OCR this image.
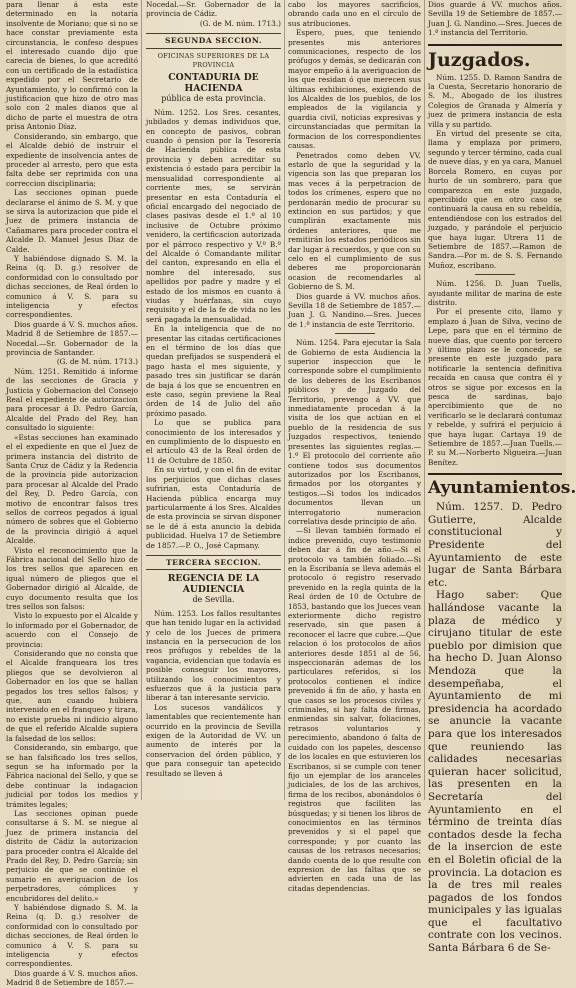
para llenar á esta este determinado en la notaría insolvente de Moriano; que si no se hace constar previamente esta circunstancia, le confeso despues el interesado cuando dijo que carecia de bienes, lo que acreditó con un certificado de la estadística expedido por el Secretario de Ayuntamiento, y lo confirmó con la justificacion que hizo de otro mas solo con 2 males dianos que al dicho de parte el muestra de otra prisa Antonio Díaz.

Considerando, sin embargo, que el Alcalde debió de instruir el expediente de insolvencia antes de proceder al arresto, pero que esta falta debe ser reprimida con una correccion disciplinaria;

Las secciones opinan puede declararse el ánimo de S. M. y que se sirva la autorizacion que pide el Juez de primera instancia de Cañamares para proceder contra el Alcalde D. Manuel Jesus Diaz de Calde.

Y habiéndose dignado S. M. la Reina (q. D. g.) resolver de conformidad con lo consultado por dichas secciones, de Real órden lo comunico á V. S. para su inteligencia y efectos correspondientes.

Dios guarde á V. S. muchos años. Madrid 8 de Setiembre de 1857.—Nocedal.—Sr. Gobernador de la provincia de Santander.

(G. de M. núm. 1713.)

Núm. 1251. Remitido á informe de las secciones de Gracia y Justicia y Gobernacion del Consejo Real el expediente de autorizacion para procesar á D. Pedro García, Alcalde del Prado del Rey, han consultado lo siguiente:

«Estas secciones han examinado el el expediente en que el Juez de primera instancia del distrito de Santa Cruz de Cádiz y la Redencia de la provincia pide autorizacion para procesar al Alcalde del Prado del Rey, D. Pedro García, con motivo de encontrar falsos tres sellos de correos pegados á igual número de sobres que el Gobierno de la provincia dirigió á aquel Alcalde.

Visto el reconocimiento que la Fábrica nacional del Sello hizo de los tres sellos que aparecen en igual número de pliegos que el Gobernador dirigió al Alcalde, de cuyo documento resulta que los tres sellos son falsos:

Visto lo expuesto por el Alcalde y lo informado por el Gobernador, de acuerdo con el Consejo de provincia:

Considerando que no consta que el Alcalde franqueara los tres pliegos que se devolvieron al Gobernador en los que se hallan pegados los tres sellos falsos; y que, aun cuando hubiera intervenido en el franqueo y tirara, no existe prueba ni indicio alguno de que el referido Alcalde supiera la falsedad de los sellos:

Considerando, sin embargo, que se han falsificado los tres sellos, segun se ha informado por la Fábrica nacional del Sello, y que se debe continuar la indagacion judicial por todos los medios y trámites legales;

Las secciones opinan puede consultarse á S. M. se niegue al Juez de primera instancia del distrito de Cádiz la autorizacion para proceder contra el Alcalde del Prado del Rey, D. Pedro García; sin perjuicio de que se continúe el sumario en averiguacion de los perpetradores, cómplices y encubridores del delito.»

Y habiéndose dignado S. M. la Reina (q. D. g.) resolver de conformidad con lo consultado por dichas secciones, de Real órden lo comunico á V. S. para su inteligencia y efectos correspondientes.

Dios guarde á V. S. muchos años. Madrid 8 de Setiembre de 1857.—

Nocedal.—Sr. Gobernador de la provincia de Cádiz.

(G. de M. núm. 1713.)

SEGUNDA SECCION.
OFICINAS SUPERIORES DE LA PROVINCIA
CONTADURIA DE HACIENDA
pública de esta provincia.

Núm. 1252. Los Sres. cesantes, jubilados y demas individuos que, en concepto de pasivos, cobran cuando ó pension por la Tesorería de Hacienda pública de esta provincia y deben acreditar su existencia ó estado para percibir la mensualidad correspondiente al corriente mes, se servirán presentar en esta Contaduría el oficial encargado del negociado de clases pasivas desde el 1.º al 10 inclusive de Octubre próximo venidero, la certificacion autorizada por el párroco respectivo y V.º B.º del Alcalde ó Comandante militar del canton, expresando en ella el nombre del interesado, sus apellidos por padre y madre y el estado de los mismos en cuanto á viudas y huérfanas, sin cuyo requisito y el de la fe de vida no les será pagada la mensualidad.

En la inteligencia que de no presentar las citadas certificaciones en el término de los días que quedan prefijados se suspenderá el pago hasta el mes siguiente, y pasado tres sin justificar se darán de baja á los que se encuentren en este caso, según previene la Real órden de 14 de Julio del año próximo pasado.

Lo que se publica para conocimiento de los interesados y en cumplimiento de lo dispuesto en el artículo 43 de la Real órden de 11 de Octubre de 1850.

En su virtud, y con el fin de evitar los perjuicios que dichas clases sufririan, esta Contaduría de Hacienda pública encarga muy particularmente á los Sres. Alcaldes de esta provincia se sirvan disponer se le dé á esta anuncio la debida publicidad. Huelva 17 de Setiembre de 1857.—P. O., José Capmany.

TERCERA SECCION.
REGENCIA DE LA AUDIENCIA
de Sevilla.

Núm. 1253. Los fallos resultantes que han tenido lugar en la actividad y celo de los Jueces de primera instancia en la persecucion de los reos prófugos y rebeldes de la vagancia, evidencian que todavía es posible conseguir los mayores, utilizando los conocimientos y esfuerzos que á la justicia para liberar á tan interesante servicio.

Los sucesos vandálicos y lamentables que recientemente han ocurrido en la provincia de Sevilla exigen de la Autoridad de VV. un aumento de interés por la conservacion del órden público, y que para conseguir tan apetecido resultado se lleven á

cabo los mayores sacrificios, obrando cada uno en el círculo de sus atribuciones.

Espero, pues, que teniendo presentes mis anteriores comunicaciones, respecto de los prófugos y demás, se dedicarán con mayor empeño á la averiguacion de los que residan ó que merecen sus últimas exhibiciones, exigiendo de los Alcaldes de los pueblos, de los empleados de la vigilancia y guardia civil, noticias expresivas y circunstanciadas que permitan la formacion de los correspondientes causas.

Penetrados como deben VV. estarlo de que la seguridad y la vigencia son las que preparan los mas veces á la perpetracion de todos los crímenes, espero que no perdonarán medio de procurar su extincion en sus partidos; y que cumplirán exactamente mis órdenes anteriores, que me remitirán los estados periódicos sin dar lugar á recuerdos, y que con su celo en el cumplimiento de sus deberes me proporcionarán ocasion de recomendarles al Gobierno de S. M.

Dios guarde á VV. muchos años. Sevilla 18 de Setiembre de 1857.—Juan J. G. Nandino.—Sres. Jueces de 1.ª instancia de este Territorio.

Núm. 1254. Para ejecutar la Sala de Gobierno de esta Audiencia la superior inspeccion que le corresponde sobre el cumplimiento de los deberes de los Escribanos públicos y de Juzgado del Territorio, prevengo á VV. que inmediatamente procedan á la visita de los que actúan en el pueblo de la residencia de sus Juzgados respectivos, teniendo presentes las siguientes reglas.—1.º El protocolo del corriente año contiene todos sus documentos autorizados por los Escribanos, firmados por los otorgantes y testigos.—Si todos los indicados documentos llevan un interrogatorio numeracion correlativa desde principio de año.

—Si llevan también formado el índice prevenido, cuyo testimonio deben dar á fin de año.—Si el protocolo va también foliado.—Si en la Escribanía se lleva además el protocolo ó registro reservado prevenido en la regla quinta de la Real órden de 10 de Octubre de 1853, bastando que los Jueces vean exteriormente dicho registro reservado, sin que pasen á reconocer el lacre que cubre.—Que relacion ó los protocolos de años anteriores desde 1851 al de 56, inspeccionarán ademas de los particulares referidos, si los protocolos contienen el índice prevenido á fin de año, y hasta en que casos se los procesos civiles y criminales, si hay falta de firmas, enmiendas sin salvar, foliaciones, retrasos voluntarios y perecimiento, abandono ó falta de cuidado con los papeles, descenso de los locales en que estuvieren los Escribanos, si se cumple con tener fijo un ejemplar de los aranceles judiciales, de los de las archivos, firma de los recibos, abonándolos ó registros que faciliten las búsquedas; y si tienen los libros de conocimientos en las términos prevenidos y si el papel que corresponde; y por cuanto las causas de los retrasos necesarios; dando cuenta de lo que resulte con expresion de las faltas que se advierten en cada una de las citadas dependencias.

Dios guarde á VV. muchos años. Sevilla 19 de Setiembre de 1857.—Juan J. G. Nandino.—Sres. Jueces de 1.ª instancia del Territorio.

Juzgados.

Núm. 1255. D. Ramon Sandra de la Cuesta, Secretario honorario de S. M., Abogado de los ilustres Colegios de Granada y Almería y juez de primera instancia de esta villa y su partido.

En virtud del presente se cita, llama y emplaza por primero, segundo y tercer término, cada cual de nueve días, y en ya cara, Manuel Borcela Romero, en cuyas por hurto de un sombrero, para que comparezca en este juzgado, apercibido que en otro caso se continuará la causa en su rebeldía, entendiéndose con los estrados del juzgado, y parándole el perjuicio que haya lugar. Utrera 11 de Setiembre de 1857.—Ramon de Sandra.—Por m. de S. S. Fernando Muñoz, escribano.

Núm. 1256. D. Juan Tuells, ayudante militar de marina de este distrito.

Por el presente cito, llamo y emplazo á Juan de Silva, vecino de Lepe, para que en el término de nueve días, que cuento por tercero y último plazo se le concede, se presente en este juzgado para notificarle la sentencia definitiva recaída en causa que contra él y otros se sigue por excesos en la pesca de sardinas, bajo apercibimiento que de no verificarlo se le declarará contumaz y rebelde, y sufrirá el perjuicio á que haya lugar. Cartaya 19 de Setiembre de 1857.—Juan Tuells.—P. su M.—Norberto Nigueira.—Juan Benítez.

Ayuntamientos.

Núm. 1257. D. Pedro Gutierre, Alcalde constitucional y Presidente del Ayuntamiento de este lugar de Santa Bárbara etc.

Hago saber: Que hallándose vacante la plaza de médico y cirujano titular de este pueblo por dimision que ha hecho D. Juan Alonso Mendoza que la desempeñaba, el Ayuntamiento de mi presidencia ha acordado se anuncie la vacante para que los interesados que reuniendo las calidades necesarias quieran hacer solicitud, las presenten en la Secretaría del Ayuntamiento en el término de treinta días contados desde la fecha de la insercion de este en el Boletin oficial de la provincia. La dotacion es la de tres mil reales pagados de los fondos municipales y las igualas que el facultativo contrate con los vecinos. Santa Bárbara 6 de Se-
